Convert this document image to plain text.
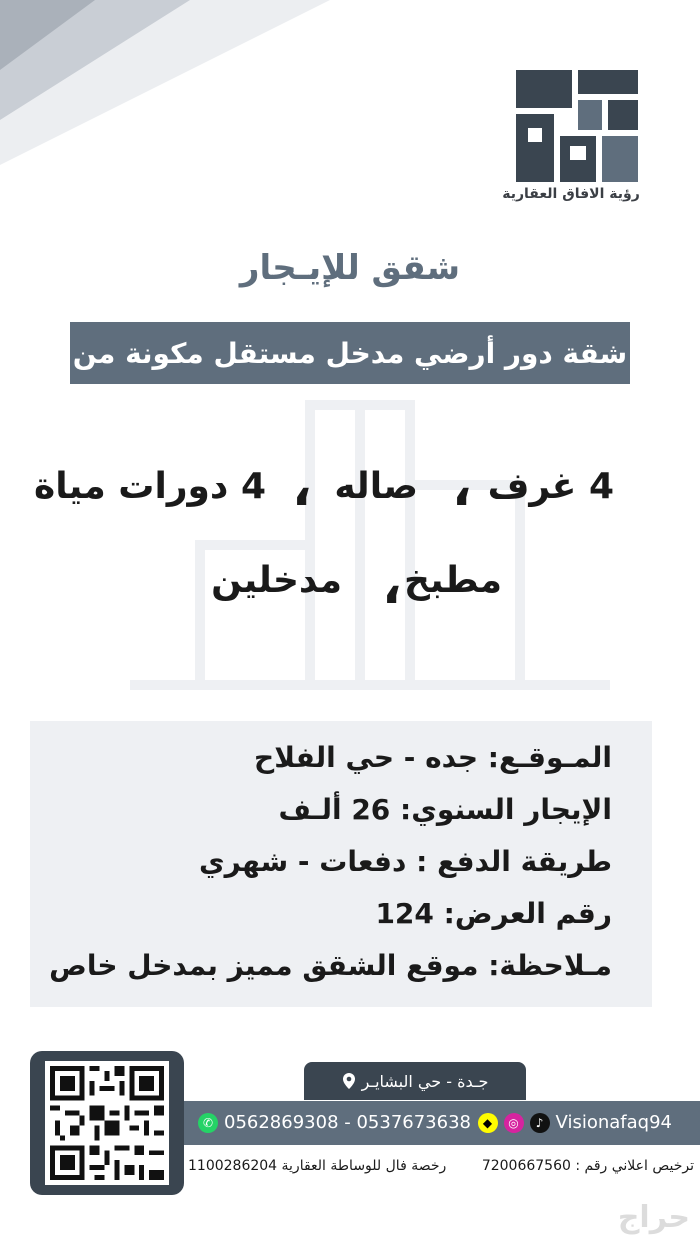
رؤية الافاق العقارية
شقق للإيـجار
شقة دور أرضي مدخل مستقل مكونة من
4 غرف
،
صاله
،
4 دورات مياة
مطبخ
،
مدخلين
المـوقـع: جده - حي الفلاح
الإيجار السنوي: 26 ألـف
طريقة الدفع : دفعات - شهري
رقم العرض: 124
مـلاحظة: موقع الشقق مميز بمدخل خاص
جـدة - حي البشايـر
✆ 0562869308 - 0537673638 ◆	◎	♪ Visionafaq94
ترخيص اعلاني رقم : 7200667560
رخصة فال للوساطة العقارية 1100286204
حراج
